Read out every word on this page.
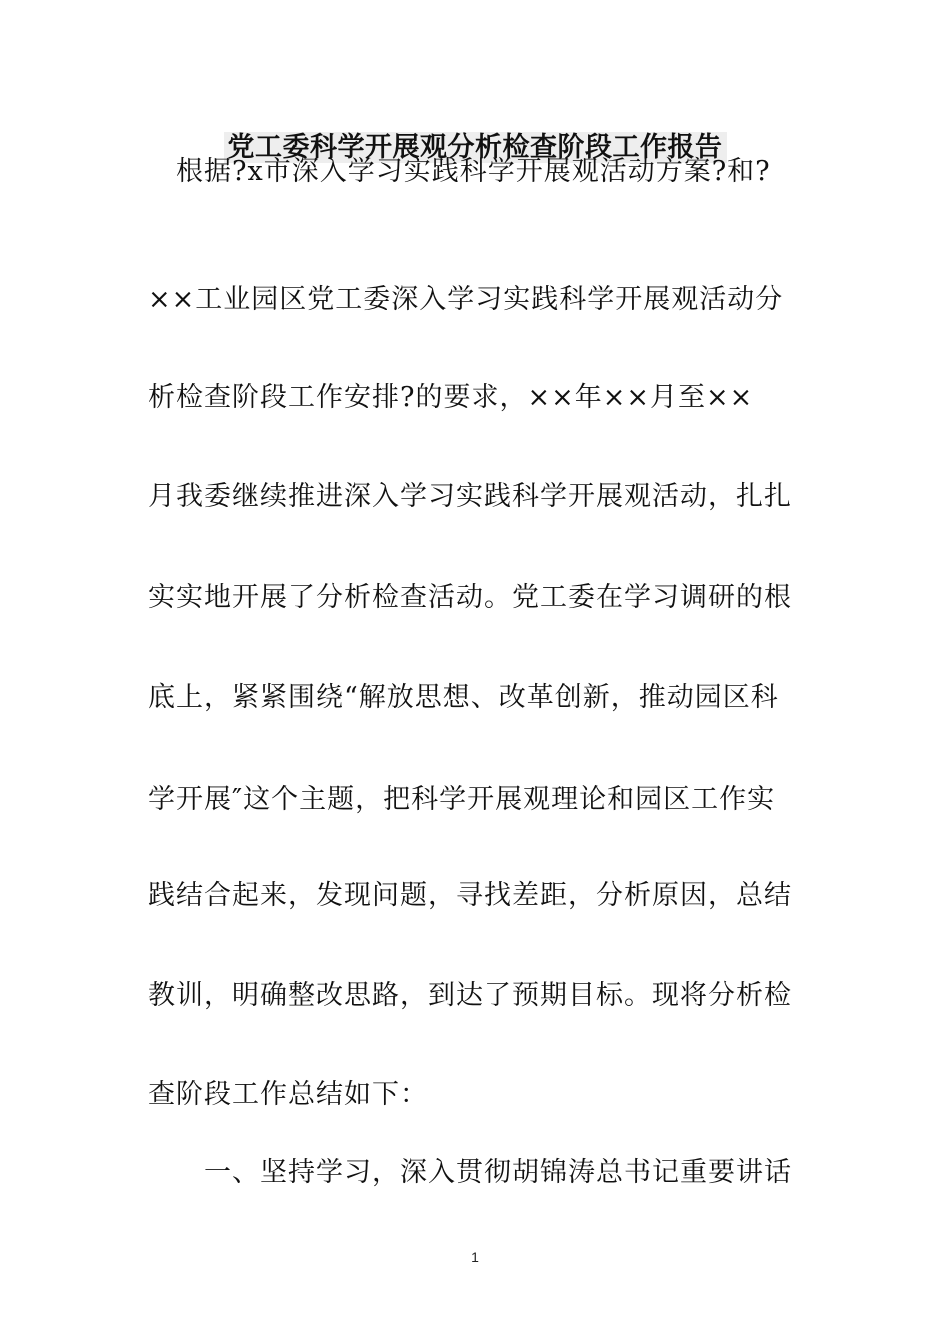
党工委科学开展观分析检查阶段工作报告
根据?x市深入学习实践科学开展观活动方案?和?
××工业园区党工委深入学习实践科学开展观活动分
析检查阶段工作安排?的要求，××年××月至××
月我委继续推进深入学习实践科学开展观活动，扎扎
实实地开展了分析检查活动。党工委在学习调研的根
底上，紧紧围绕“解放思想、改革创新，推动园区科
学开展″这个主题，把科学开展观理论和园区工作实
践结合起来，发现问题，寻找差距，分析原因，总结
教训，明确整改思路，到达了预期目标。现将分析检
查阶段工作总结如下：
一、坚持学习，深入贯彻胡锦涛总书记重要讲话
1
